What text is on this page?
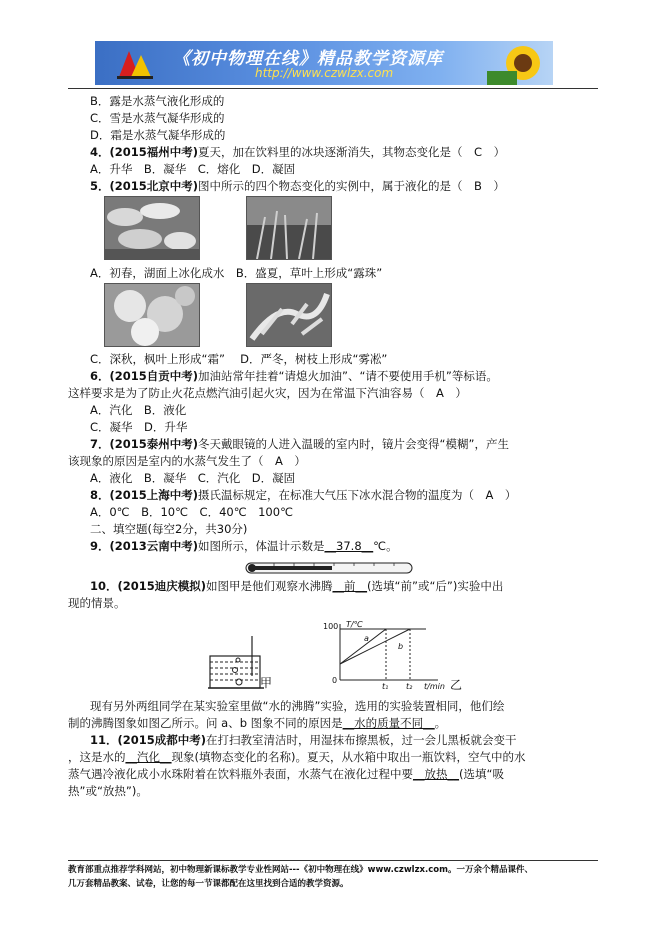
《初中物理在线》精品教学资源库
http://www.czwlzx.com
B．露是水蒸气液化形成的
C．雪是水蒸气凝华形成的
D．霜是水蒸气凝华形成的
4．(2015福州中考)夏天，加在饮料里的冰块逐渐消失，其物态变化是（　C　）
A．升华　B．凝华　C．熔化　D．凝固
5．(2015北京中考)图中所示的四个物态变化的实例中，属于液化的是（　B　）
A．初春，湖面上冰化成水　B．盛夏，草叶上形成“露珠”
C．深秋，枫叶上形成“霜”　 D．严冬，树枝上形成“雾凇”
6．(2015自贡中考)加油站常年挂着“请熄火加油”、“请不要使用手机”等标语。
这样要求是为了防止火花点燃汽油引起火灾，因为在常温下汽油容易（　A　）
A．汽化　B．液化
C．凝华　D．升华
7．(2015泰州中考)冬天戴眼镜的人进入温暖的室内时，镜片会变得“模糊”，产生
该现象的原因是室内的水蒸气发生了（　A　）
A．液化　B．凝华　C．汽化　D．凝固
8．(2015上海中考)摄氏温标规定，在标准大气压下冰水混合物的温度为（　A　）
A．0℃　B．10℃　C．40℃　100℃
二、填空题(每空2分，共30分)
9．(2013云南中考)如图所示，体温计示数是__37.8__℃。
10．(2015迪庆模拟)如图甲是他们观察水沸腾__前__(选填“前”或“后”)实验中出
现的情景。
甲
100 T/℃
0
a
b
t₁ t₂ t/min 乙
现有另外两组同学在某实验室里做“水的沸腾”实验，选用的实验装置相同，他们绘
制的沸腾图象如图乙所示。问 a、b 图象不同的原因是__水的质量不同__。
11．(2015成都中考)在打扫教室清洁时，用湿抹布擦黑板，过一会儿黑板就会变干
，这是水的__汽化__现象(填物态变化的名称)。夏天，从水箱中取出一瓶饮料，空气中的水
蒸气遇冷液化成小水珠附着在饮料瓶外表面，水蒸气在液化过程中要__放热__(选填“吸
热”或“放热”)。
教育部重点推荐学科网站，初中物理新课标教学专业性网站---《初中物理在线》www.czwlzx.com。一万余个精品课件、
几万套精品教案、试卷，让您的每一节课都配在这里找到合适的教学资源。
